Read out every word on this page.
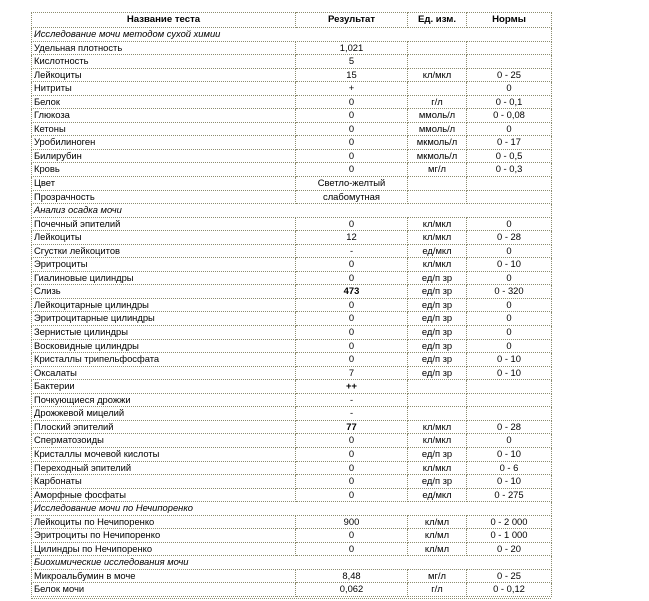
Название теста	Результат	Ед. изм.	Нормы
Исследование мочи методом сухой химии			
Удельная плотность	1,021		
Кислотность	5		
Лейкоциты	15	кл/мкл	0 - 25
Нитриты	+		0
Белок	0	г/л	0 - 0,1
Глюкоза	0	ммоль/л	0 - 0,08
Кетоны	0	ммоль/л	0
Уробилиноген	0	мкмоль/л	0 - 17
Билирубин	0	мкмоль/л	0 - 0,5
Кровь	0	мг/л	0 - 0,3
Цвет	Светло-желтый		
Прозрачность	слабомутная		
Анализ осадка мочи			
Почечный эпителий	0	кл/мкл	0
Лейкоциты	12	кл/мкл	0 - 28
Сгустки лейкоцитов	-	ед/мкл	0
Эритроциты	0	кл/мкл	0 - 10
Гиалиновые цилиндры	0	ед/п зр	0
Слизь	473	ед/п зр	0 - 320
Лейкоцитарные цилиндры	0	ед/п зр	0
Эритроцитарные цилиндры	0	ед/п зр	0
Зернистые цилиндры	0	ед/п зр	0
Восковидные цилиндры	0	ед/п зр	0
Кристаллы трипельфосфата	0	ед/п зр	0 - 10
Оксалаты	7	ед/п зр	0 - 10
Бактерии	++		
Почкующиеся дрожжи	-		
Дрожжевой мицелий	-		
Плоский эпителий	77	кл/мкл	0 - 28
Сперматозоиды	0	кл/мкл	0
Кристаллы мочевой кислоты	0	ед/п зр	0 - 10
Переходный эпителий	0	кл/мкл	0 - 6
Карбонаты	0	ед/п зр	0 - 10
Аморфные фосфаты	0	ед/мкл	0 - 275
Исследование мочи по Нечипоренко			
Лейкоциты по Нечипоренко	900	кл/мл	0 - 2 000
Эритроциты по Нечипоренко	0	кл/мл	0 - 1 000
Цилиндры по Нечипоренко	0	кл/мл	0 - 20
Биохимические исследования мочи			
Микроальбумин в моче	8,48	мг/л	0 - 25
Белок мочи	0,062	г/л	0 - 0,12
